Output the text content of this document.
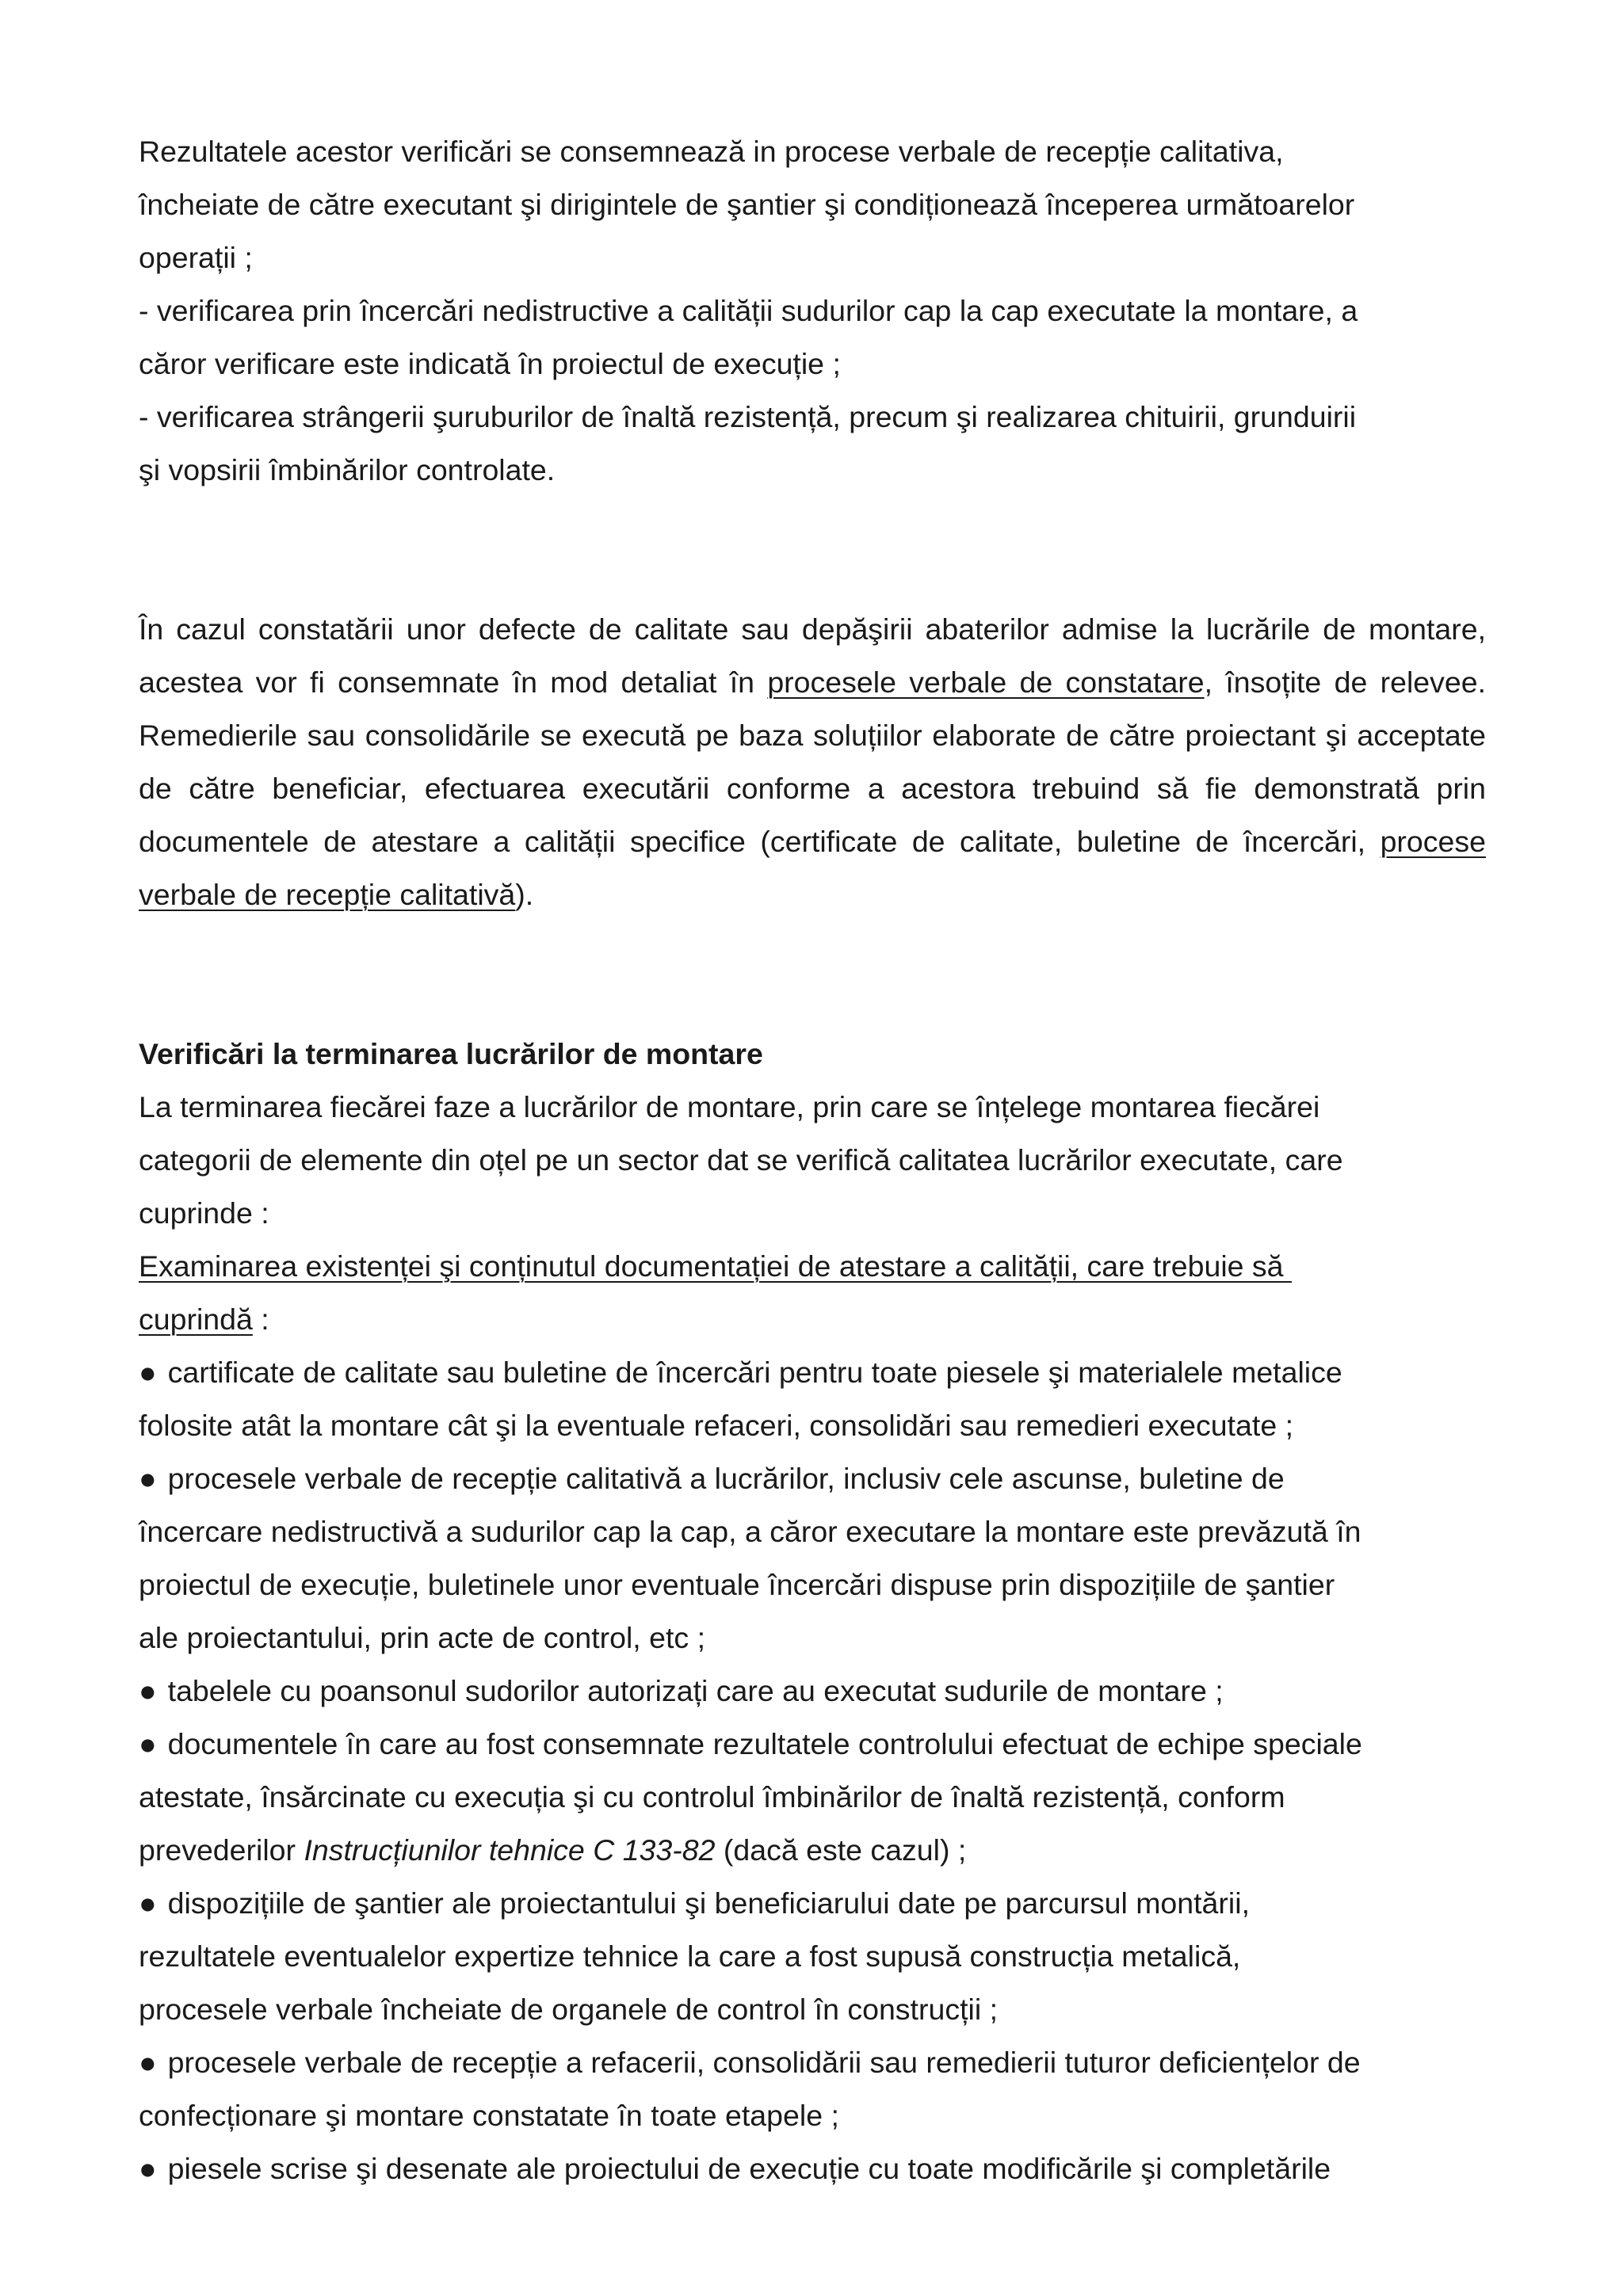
Rezultatele acestor verificări se consemnează in procese verbale de recepție calitativa,

încheiate de către executant şi dirigintele de şantier şi condiționează începerea următoarelor

operații ;

- verificarea prin încercări nedistructive a calității sudurilor cap la cap executate la montare, a

căror verificare este indicată în proiectul de execuție ;

- verificarea strângerii şuruburilor de înaltă rezistență, precum şi realizarea chituirii, grunduirii

şi vopsirii îmbinărilor controlate.

În cazul constatării unor defecte de calitate sau depăşirii abaterilor admise la lucrările de montare, acestea vor fi consemnate în mod detaliat în procesele verbale de constatare, însoțite de relevee. Remedierile sau consolidările se execută pe baza soluțiilor elaborate de către proiectant şi acceptate de către beneficiar, efectuarea executării conforme a acestora trebuind să fie demonstrată prin documentele de atestare a calității specifice (certificate de calitate, buletine de încercări, procese verbale de recepție calitativă).

Verificări la terminarea lucrărilor de montare

La terminarea fiecărei faze a lucrărilor de montare, prin care se înțelege montarea fiecărei

categorii de elemente din oțel pe un sector dat se verifică calitatea lucrărilor executate, care

cuprinde :

Examinarea existenței şi conținutul documentației de atestare a calității, care trebuie să

cuprindă :

● cartificate de calitate sau buletine de încercări pentru toate piesele şi materialele metalice

folosite atât la montare cât şi la eventuale refaceri, consolidări sau remedieri executate ;

● procesele verbale de recepție calitativă a lucrărilor, inclusiv cele ascunse, buletine de

încercare nedistructivă a sudurilor cap la cap, a căror executare la montare este prevăzută în

proiectul de execuție, buletinele unor eventuale încercări dispuse prin dispozițiile de şantier

ale proiectantului, prin acte de control, etc ;

● tabelele cu poansonul sudorilor autorizați care au executat sudurile de montare ;

● documentele în care au fost consemnate rezultatele controlului efectuat de echipe speciale

atestate, însărcinate cu execuția şi cu controlul îmbinărilor de înaltă rezistență, conform

prevederilor Instrucțiunilor tehnice C 133-82 (dacă este cazul) ;

● dispozițiile de şantier ale proiectantului şi beneficiarului date pe parcursul montării,

rezultatele eventualelor expertize tehnice la care a fost supusă construcția metalică,

procesele verbale încheiate de organele de control în construcții ;

● procesele verbale de recepție a refacerii, consolidării sau remedierii tuturor deficiențelor de

confecționare şi montare constatate în toate etapele ;

● piesele scrise şi desenate ale proiectului de execuție cu toate modificările şi completările
